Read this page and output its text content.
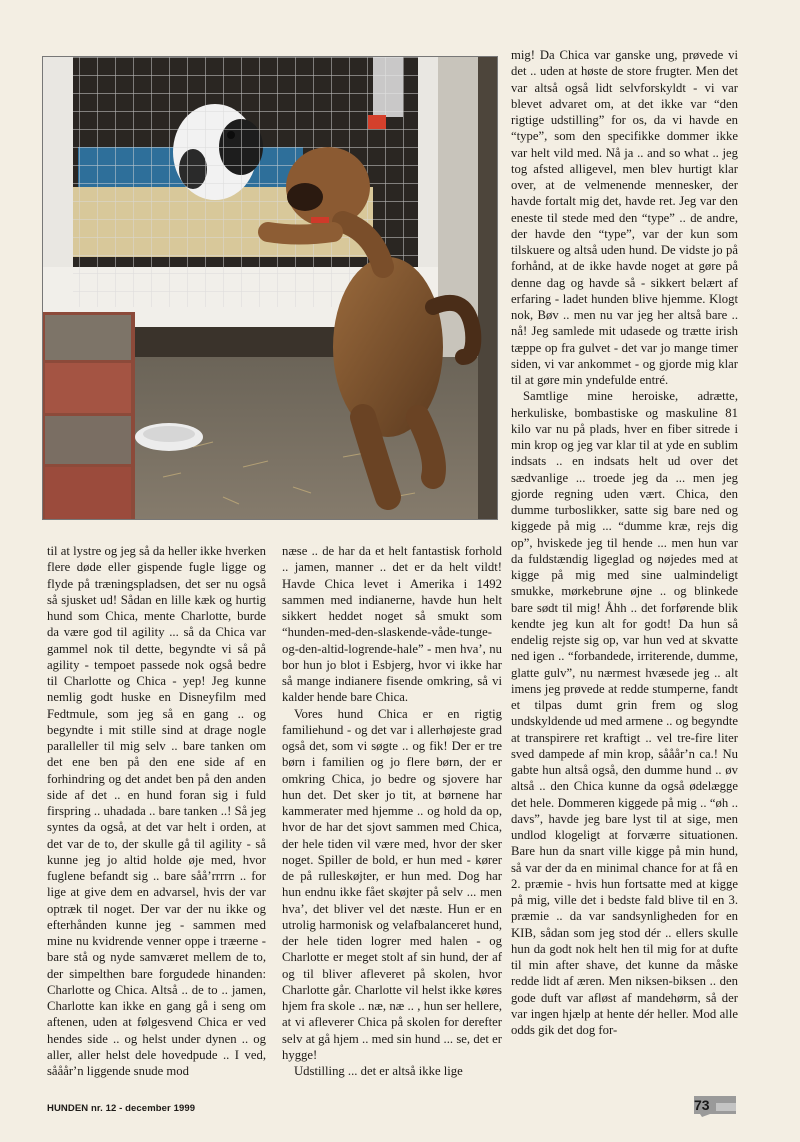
til at lystre og jeg så da heller ikke hverken flere døde eller gispende fugle ligge og flyde på træningspladsen, det ser nu også så sjusket ud! Sådan en lille kæk og hurtig hund som Chica, mente Charlotte, burde da være god til agility ... så da Chica var gammel nok til dette, begyndte vi så på agility - tempoet passede nok også bedre til Charlotte og Chica - yep! Jeg kunne nemlig godt huske en Disneyfilm med Fedtmule, som jeg så en gang .. og begyndte i mit stille sind at drage nogle paralleller til mig selv .. bare tanken om det ene ben på den ene side af en forhindring og det andet ben på den anden side af det .. en hund foran sig i fuld firspring .. uhadada .. bare tanken ..! Så jeg syntes da også, at det var helt i orden, at det var de to, der skulle gå til agility - så kunne jeg jo altid holde øje med, hvor fuglene befandt sig .. bare sååʼrrrrn .. for lige at give dem en advarsel, hvis der var optræk til noget. Der var der nu ikke og efterhånden kunne jeg - sammen med mine nu kvidrende venner oppe i træerne - bare stå og nyde samværet mellem de to, der simpelthen bare forgudede hinanden: Charlotte og Chica. Altså .. de to .. jamen, Charlotte kan ikke en gang gå i seng om aftenen, uden at følgesvend Chica er ved hendes side .. og helst under dynen .. og aller, aller helst dele hovedpude .. I ved, sååårʼn liggende snude mod

næse .. de har da et helt fantastisk forhold .. jamen, manner .. det er da helt vildt! Havde Chica levet i Amerika i 1492 sammen med indianerne, havde hun helt sikkert heddet noget så smukt som “hunden-med-den-slaskende-våde-tunge-og-den-altid-logrende-hale” - men hva’, nu bor hun jo blot i Esbjerg, hvor vi ikke har så mange indianere fisende omkring, så vi kalder hende bare Chica.

Vores hund Chica er en rigtig familiehund - og det var i allerhøjeste grad også det, som vi søgte .. og fik! Der er tre børn i familien og jo flere børn, der er omkring Chica, jo bedre og sjovere har hun det. Det sker jo tit, at børnene har kammerater med hjemme .. og hold da op, hvor de har det sjovt sammen med Chica, der hele tiden vil være med, hvor der sker noget. Spiller de bold, er hun med - kører de på rulleskøjter, er hun med. Dog har hun endnu ikke fået skøjter på selv ... men hva’, det bliver vel det næste. Hun er en utrolig harmonisk og velafbalanceret hund, der hele tiden logrer med halen - og Charlotte er meget stolt af sin hund, der af og til bliver afleveret på skolen, hvor Charlotte går. Charlotte vil helst ikke køres hjem fra skole .. næ, næ .. , hun ser hellere, at vi afleverer Chica på skolen for derefter selv at gå hjem .. med sin hund ... se, det er hygge!

Udstilling ... det er altså ikke lige

mig! Da Chica var ganske ung, prøvede vi det .. uden at høste de store frugter. Men det var altså også lidt selvforskyldt - vi var blevet advaret om, at det ikke var “den rigtige udstilling” for os, da vi havde en “type”, som den specifikke dommer ikke var helt vild med. Nå ja .. and so what .. jeg tog afsted alligevel, men blev hurtigt klar over, at de velmenende mennesker, der havde fortalt mig det, havde ret. Jeg var den eneste til stede med den “type” .. de andre, der havde den “type”, var der kun som tilskuere og altså uden hund. De vidste jo på forhånd, at de ikke havde noget at gøre på denne dag og havde så - sikkert belært af erfaring - ladet hunden blive hjemme. Klogt nok, Bøv .. men nu var jeg her altså bare .. nå! Jeg samlede mit udasede og trætte irish tæppe op fra gulvet - det var jo mange timer siden, vi var ankommet - og gjorde mig klar til at gøre min yndefulde entré.

Samtlige mine heroiske, adrætte, herkuliske, bombastiske og maskuline 81 kilo var nu på plads, hver en fiber sitrede i min krop og jeg var klar til at yde en sublim indsats .. en indsats helt ud over det sædvanlige ... troede jeg da ... men jeg gjorde regning uden vært. Chica, den dumme turboslikker, satte sig bare ned og kiggede på mig ... “dumme kræ, rejs dig op”, hviskede jeg til hende ... men hun var da fuldstændig ligeglad og nøjedes med at kigge på mig med sine ualmindeligt smukke, mørkebrune øjne .. og blinkede bare sødt til mig! Åhh .. det forførende blik kendte jeg kun alt for godt! Da hun så endelig rejste sig op, var hun ved at skvatte ned igen .. “forbandede, irriterende, dumme, glatte gulv”, nu nærmest hvæsede jeg .. alt imens jeg prøvede at redde stumperne, fandt et tilpas dumt grin frem og slog undskyldende ud med armene .. og begyndte at transpirere ret kraftigt .. vel tre-fire liter sved dampede af min krop, sååårʼn ca.! Nu gabte hun altså også, den dumme hund .. øv altså .. den Chica kunne da også ødelægge det hele. Dommeren kiggede på mig .. “øh .. davs”, havde jeg bare lyst til at sige, men undlod klogeligt at forværre situationen. Bare hun da snart ville kigge på min hund, så var der da en minimal chance for at få en 2. præmie - hvis hun fortsatte med at kigge på mig, ville det i bedste fald blive til en 3. præmie .. da var sandsynligheden for en KIB, sådan som jeg stod dér .. ellers skulle hun da godt nok helt hen til mig for at dufte til min after shave, det kunne da måske redde lidt af æren. Men niksen-biksen .. den gode duft var afløst af mandehørm, så der var ingen hjælp at hente dér heller. Mod alle odds gik det dog for-

HUNDEN nr. 12 - december 1999	73
